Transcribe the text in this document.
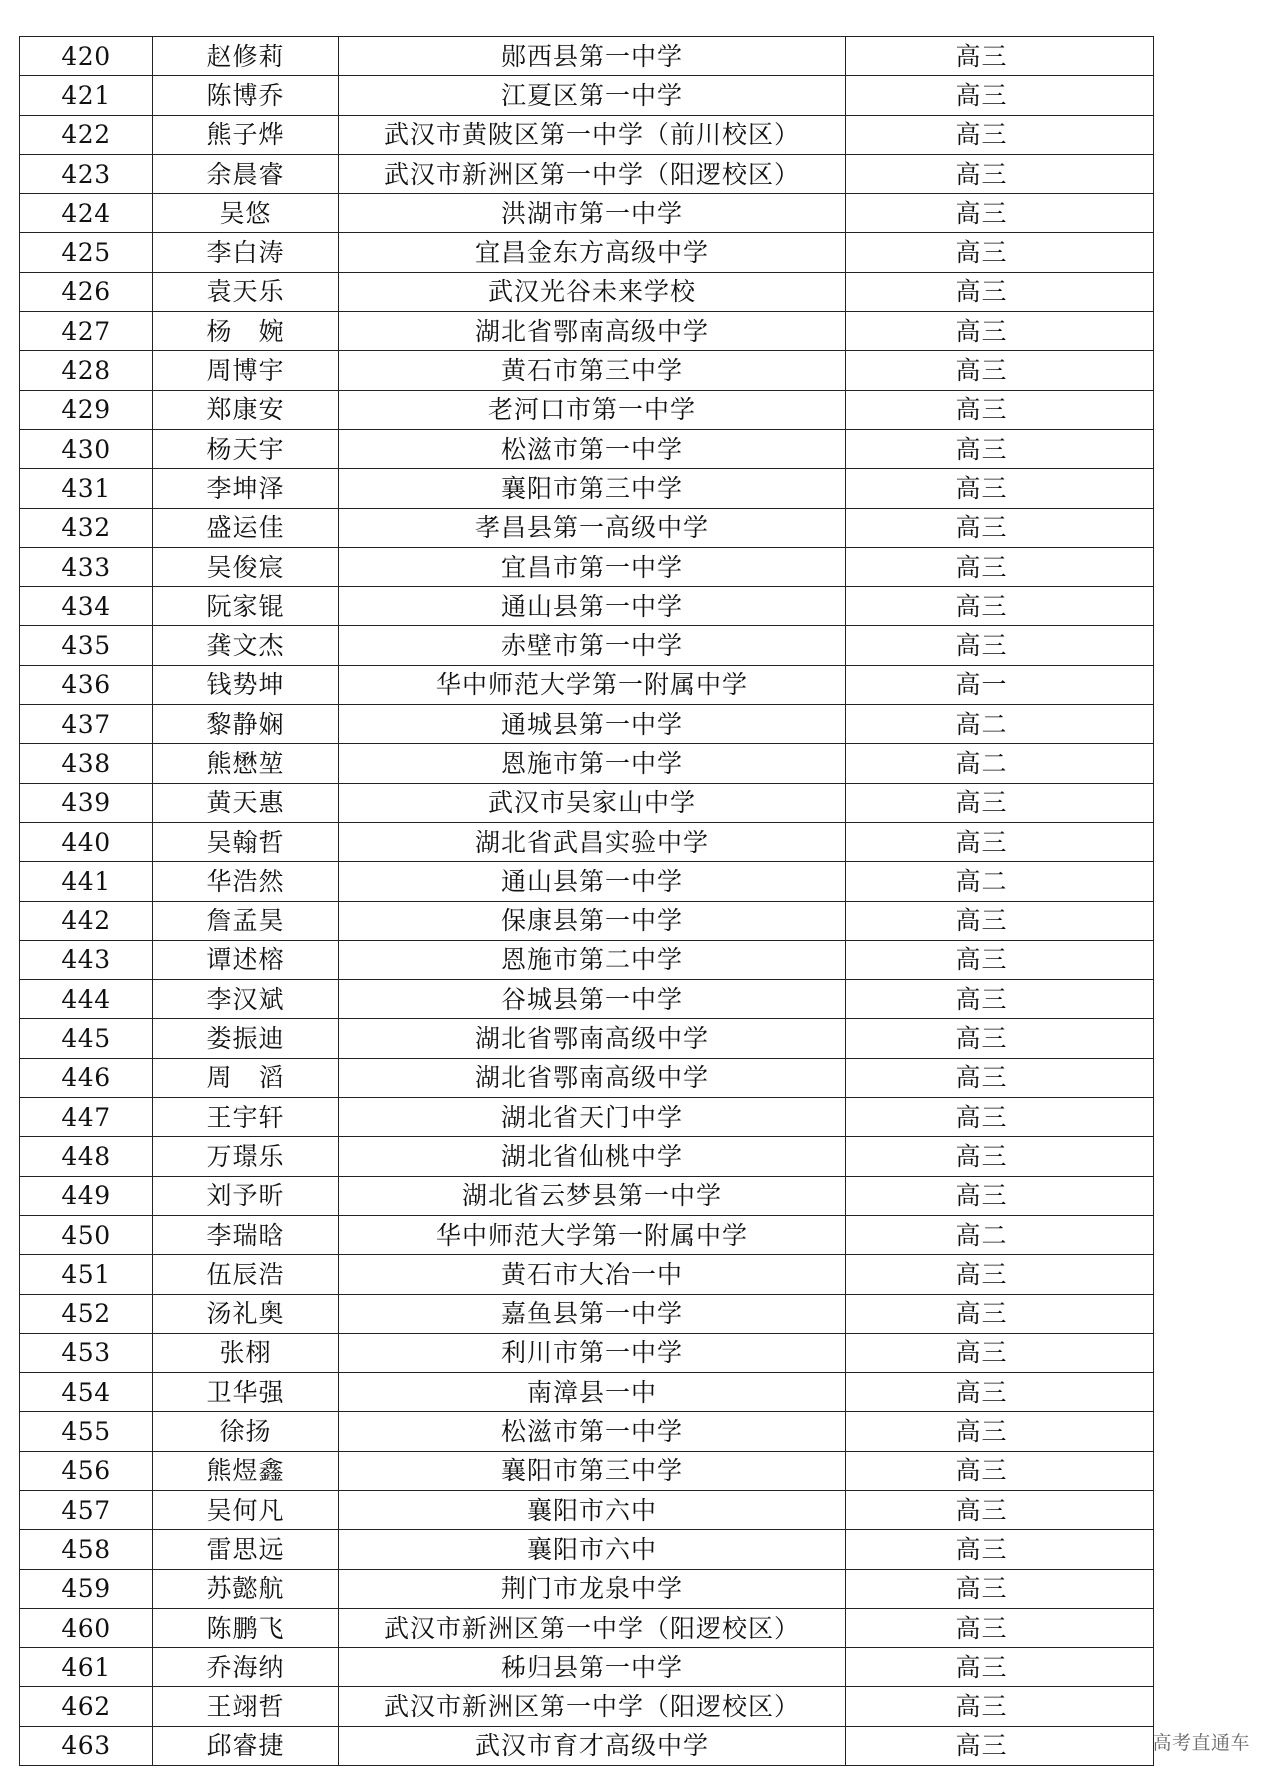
420	赵修莉	郧西县第一中学	高三
421	陈博乔	江夏区第一中学	高三
422	熊子烨	武汉市黄陂区第一中学（前川校区）	高三
423	余晨睿	武汉市新洲区第一中学（阳逻校区）	高三
424	吴悠	洪湖市第一中学	高三
425	李白涛	宜昌金东方高级中学	高三
426	袁天乐	武汉光谷未来学校	高三
427	杨　婉	湖北省鄂南高级中学	高三
428	周博宇	黄石市第三中学	高三
429	郑康安	老河口市第一中学	高三
430	杨天宇	松滋市第一中学	高三
431	李坤泽	襄阳市第三中学	高三
432	盛运佳	孝昌县第一高级中学	高三
433	吴俊宸	宜昌市第一中学	高三
434	阮家锟	通山县第一中学	高三
435	龚文杰	赤壁市第一中学	高三
436	钱势坤	华中师范大学第一附属中学	高一
437	黎静娴	通城县第一中学	高二
438	熊懋堃	恩施市第一中学	高二
439	黄天惠	武汉市吴家山中学	高三
440	吴翰哲	湖北省武昌实验中学	高三
441	华浩然	通山县第一中学	高二
442	詹孟昊	保康县第一中学	高三
443	谭述榕	恩施市第二中学	高三
444	李汉斌	谷城县第一中学	高三
445	娄振迪	湖北省鄂南高级中学	高三
446	周　滔	湖北省鄂南高级中学	高三
447	王宇轩	湖北省天门中学	高三
448	万璟乐	湖北省仙桃中学	高三
449	刘予昕	湖北省云梦县第一中学	高三
450	李瑞晗	华中师范大学第一附属中学	高二
451	伍辰浩	黄石市大冶一中	高三
452	汤礼奥	嘉鱼县第一中学	高三
453	张栩	利川市第一中学	高三
454	卫华强	南漳县一中	高三
455	徐扬	松滋市第一中学	高三
456	熊煜鑫	襄阳市第三中学	高三
457	吴何凡	襄阳市六中	高三
458	雷思远	襄阳市六中	高三
459	苏懿航	荆门市龙泉中学	高三
460	陈鹏飞	武汉市新洲区第一中学（阳逻校区）	高三
461	乔海纳	秭归县第一中学	高三
462	王翊哲	武汉市新洲区第一中学（阳逻校区）	高三
463	邱睿捷	武汉市育才高级中学	高三	高考直通车
